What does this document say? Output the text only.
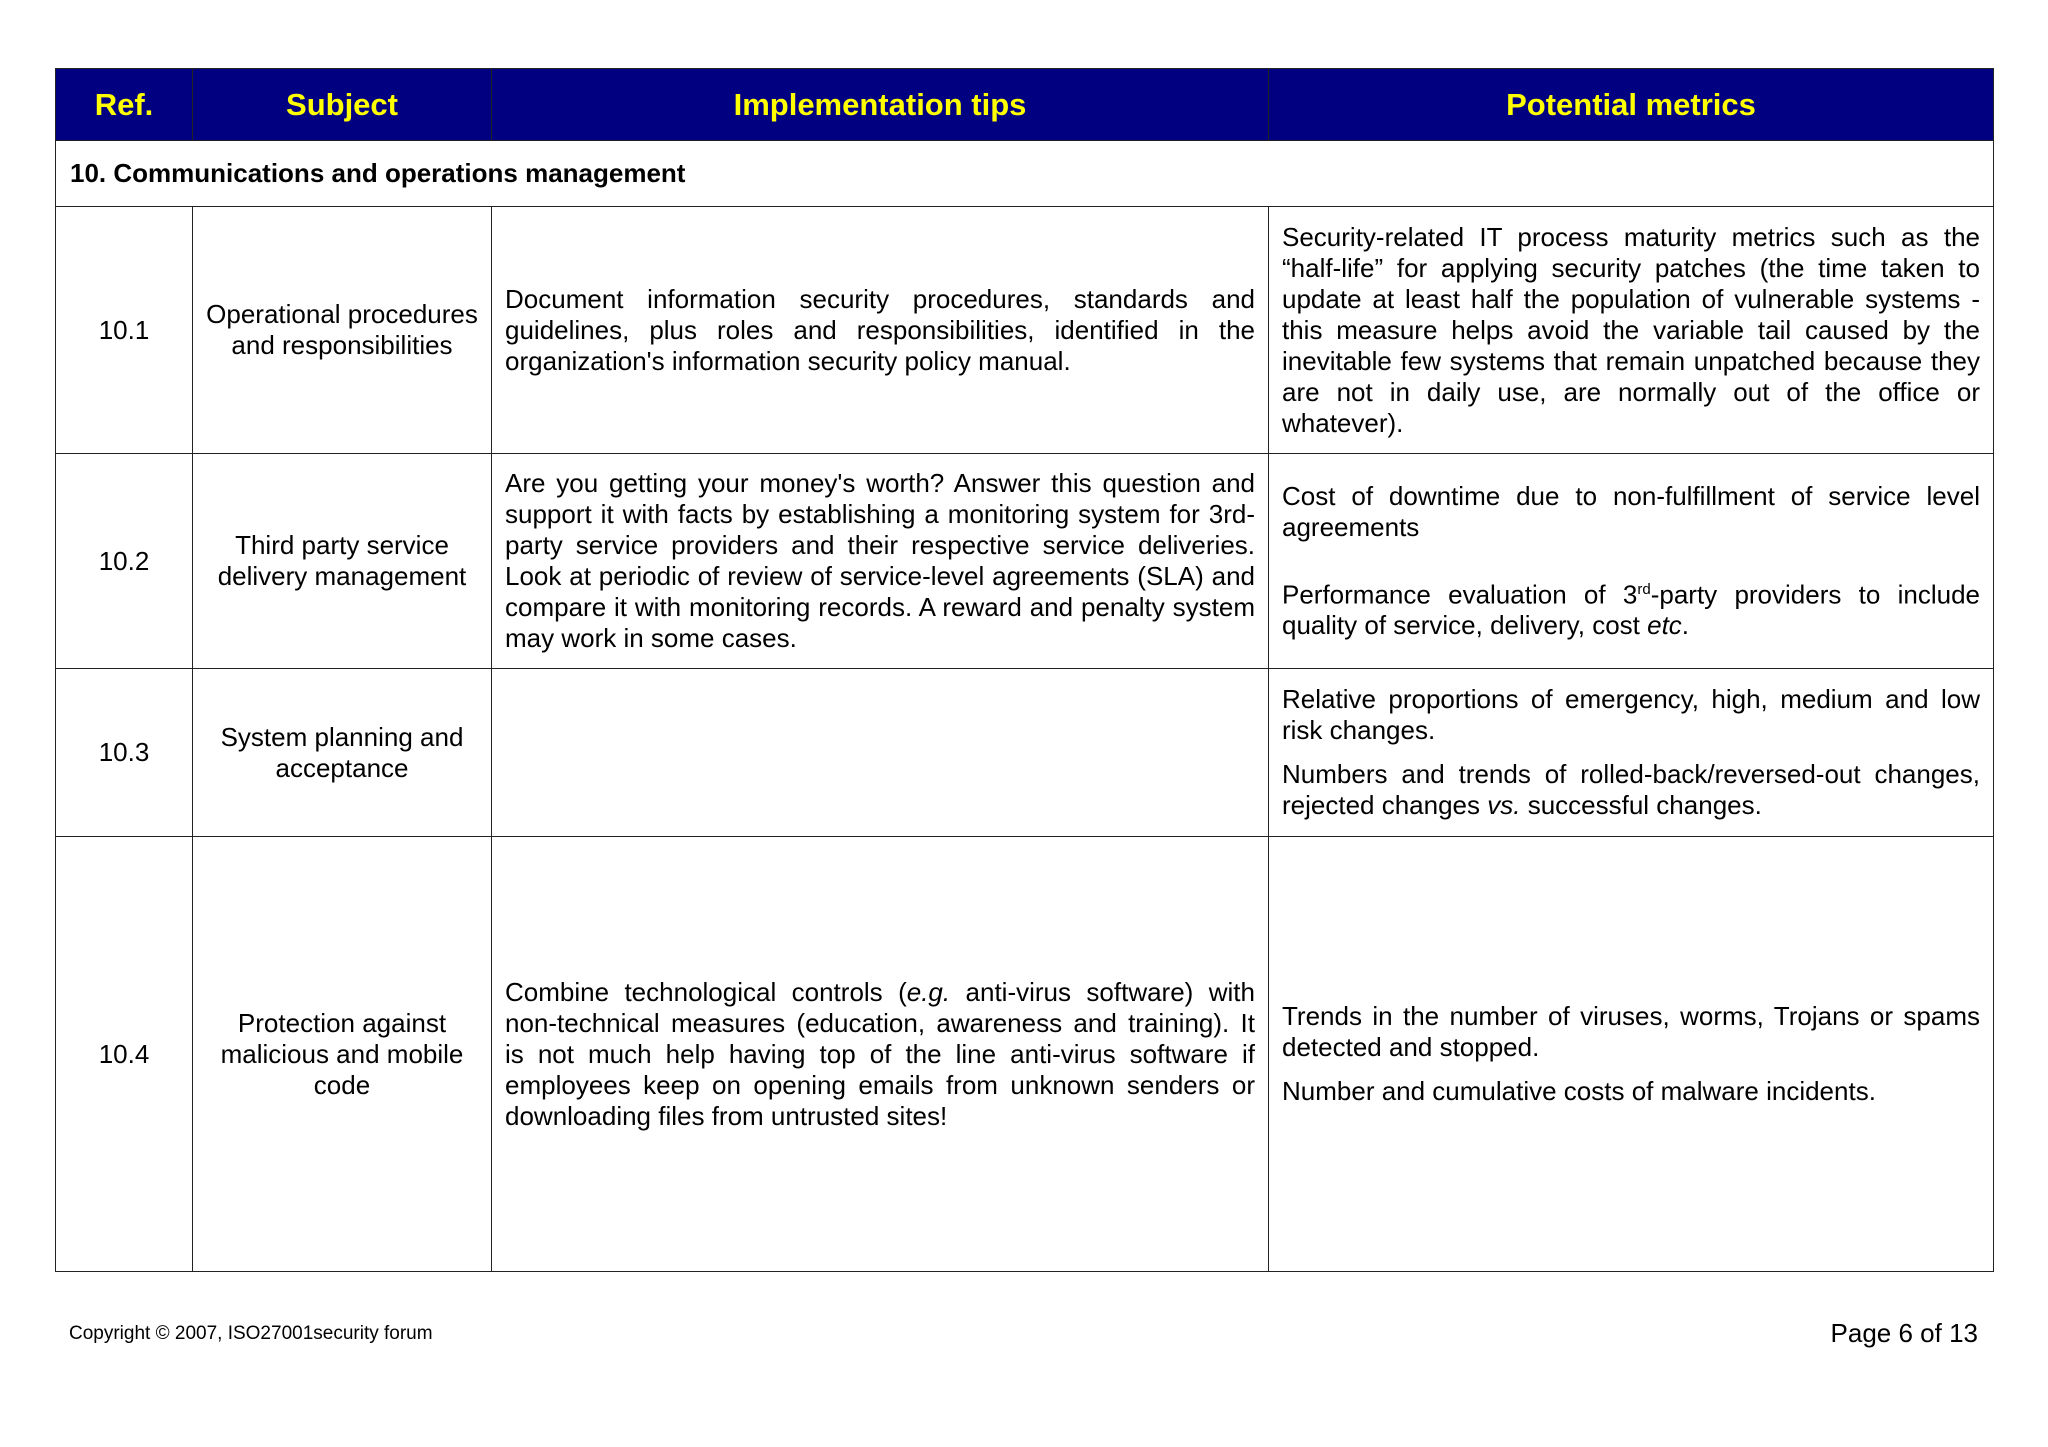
Ref.	Subject	Implementation tips	Potential metrics
10. Communications and operations management			
10.1	Operational procedures and responsibilities	Document information security procedures, standards and guidelines, plus roles and responsibilities, identified in the organization's information security policy manual.	Security-related IT process maturity metrics such as the “half-life” for applying security patches (the time taken to update at least half the population of vulnerable systems - this measure helps avoid the variable tail caused by the inevitable few systems that remain unpatched because they are not in daily use, are normally out of the office or whatever).

10.2	Third party service delivery management	Are you getting your money's worth? Answer this question and support it with facts by establishing a monitoring system for 3rd-party service providers and their respective service deliveries. Look at periodic of review of service-level agreements (SLA) and compare it with monitoring records. A reward and penalty system may work in some cases.	Cost of downtime due to non-fulfillment of service level agreements

Performance evaluation of 3rd-party providers to include quality of service, delivery, cost etc.

10.3	System planning and acceptance		Relative proportions of emergency, high, medium and low risk changes.

Numbers and trends of rolled-back/reversed-out changes, rejected changes vs. successful changes.

10.4	Protection against malicious and mobile code	Combine technological controls (e.g. anti-virus software) with non-technical measures (education, awareness and training). It is not much help having top of the line anti-virus software if employees keep on opening emails from unknown senders or downloading files from untrusted sites!	Trends in the number of viruses, worms, Trojans or spams detected and stopped.

Number and cumulative costs of malware incidents.

Copyright © 2007, ISO27001security forum	Page 6 of 13
